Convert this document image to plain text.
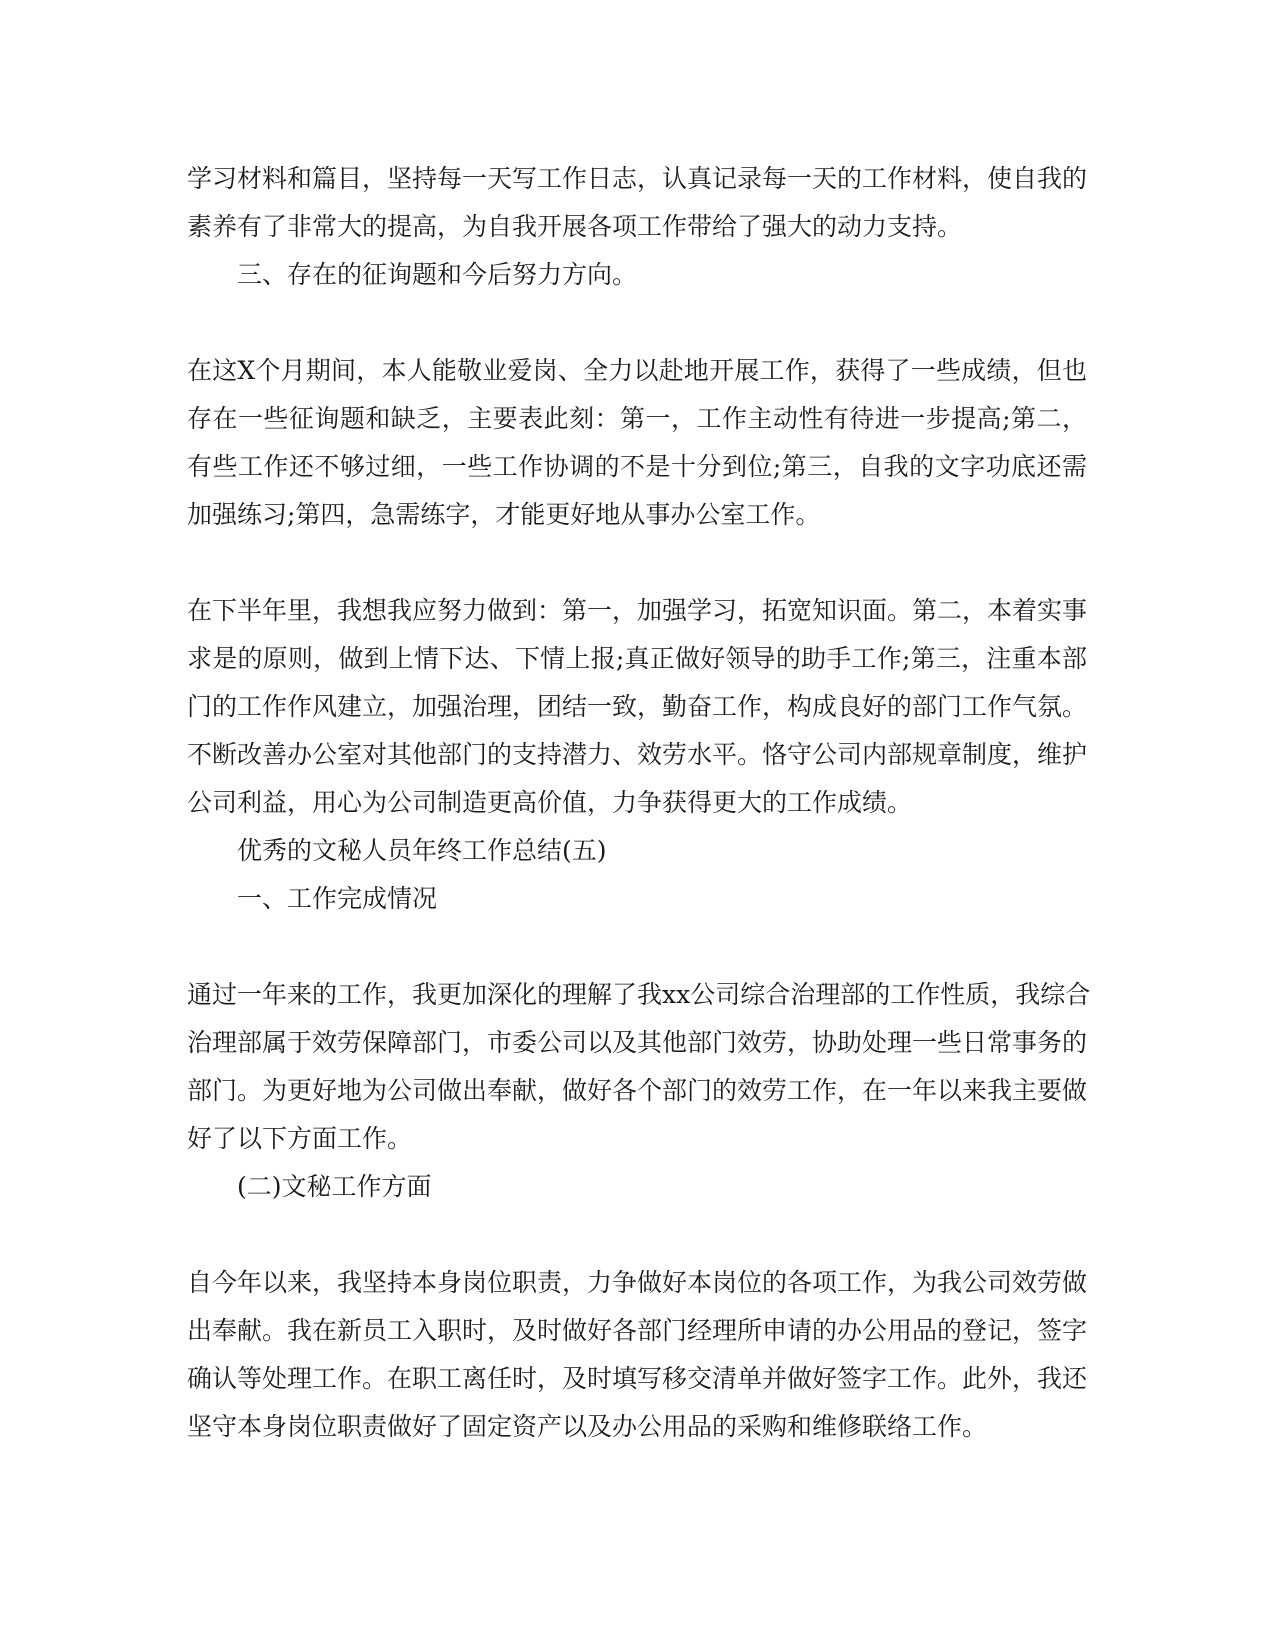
学习材料和篇目，坚持每一天写工作日志，认真记录每一天的工作材料，使自我的
素养有了非常大的提高，为自我开展各项工作带给了强大的动力支持。
三、存在的征询题和今后努力方向。
在这X个月期间，本人能敬业爱岗、全力以赴地开展工作，获得了一些成绩，但也
存在一些征询题和缺乏，主要表此刻：第一，工作主动性有待进一步提高;第二，
有些工作还不够过细，一些工作协调的不是十分到位;第三，自我的文字功底还需
加强练习;第四，急需练字，才能更好地从事办公室工作。
在下半年里，我想我应努力做到：第一，加强学习，拓宽知识面。第二，本着实事
求是的原则，做到上情下达、下情上报;真正做好领导的助手工作;第三，注重本部
门的工作作风建立，加强治理，团结一致，勤奋工作，构成良好的部门工作气氛。
不断改善办公室对其他部门的支持潜力、效劳水平。恪守公司内部规章制度，维护
公司利益，用心为公司制造更高价值，力争获得更大的工作成绩。
优秀的文秘人员年终工作总结(五)
一、工作完成情况
通过一年来的工作，我更加深化的理解了我xx公司综合治理部的工作性质，我综合
治理部属于效劳保障部门，市委公司以及其他部门效劳，协助处理一些日常事务的
部门。为更好地为公司做出奉献，做好各个部门的效劳工作，在一年以来我主要做
好了以下方面工作。
(二)文秘工作方面
自今年以来，我坚持本身岗位职责，力争做好本岗位的各项工作，为我公司效劳做
出奉献。我在新员工入职时，及时做好各部门经理所申请的办公用品的登记，签字
确认等处理工作。在职工离任时，及时填写移交清单并做好签字工作。此外，我还
坚守本身岗位职责做好了固定资产以及办公用品的采购和维修联络工作。
